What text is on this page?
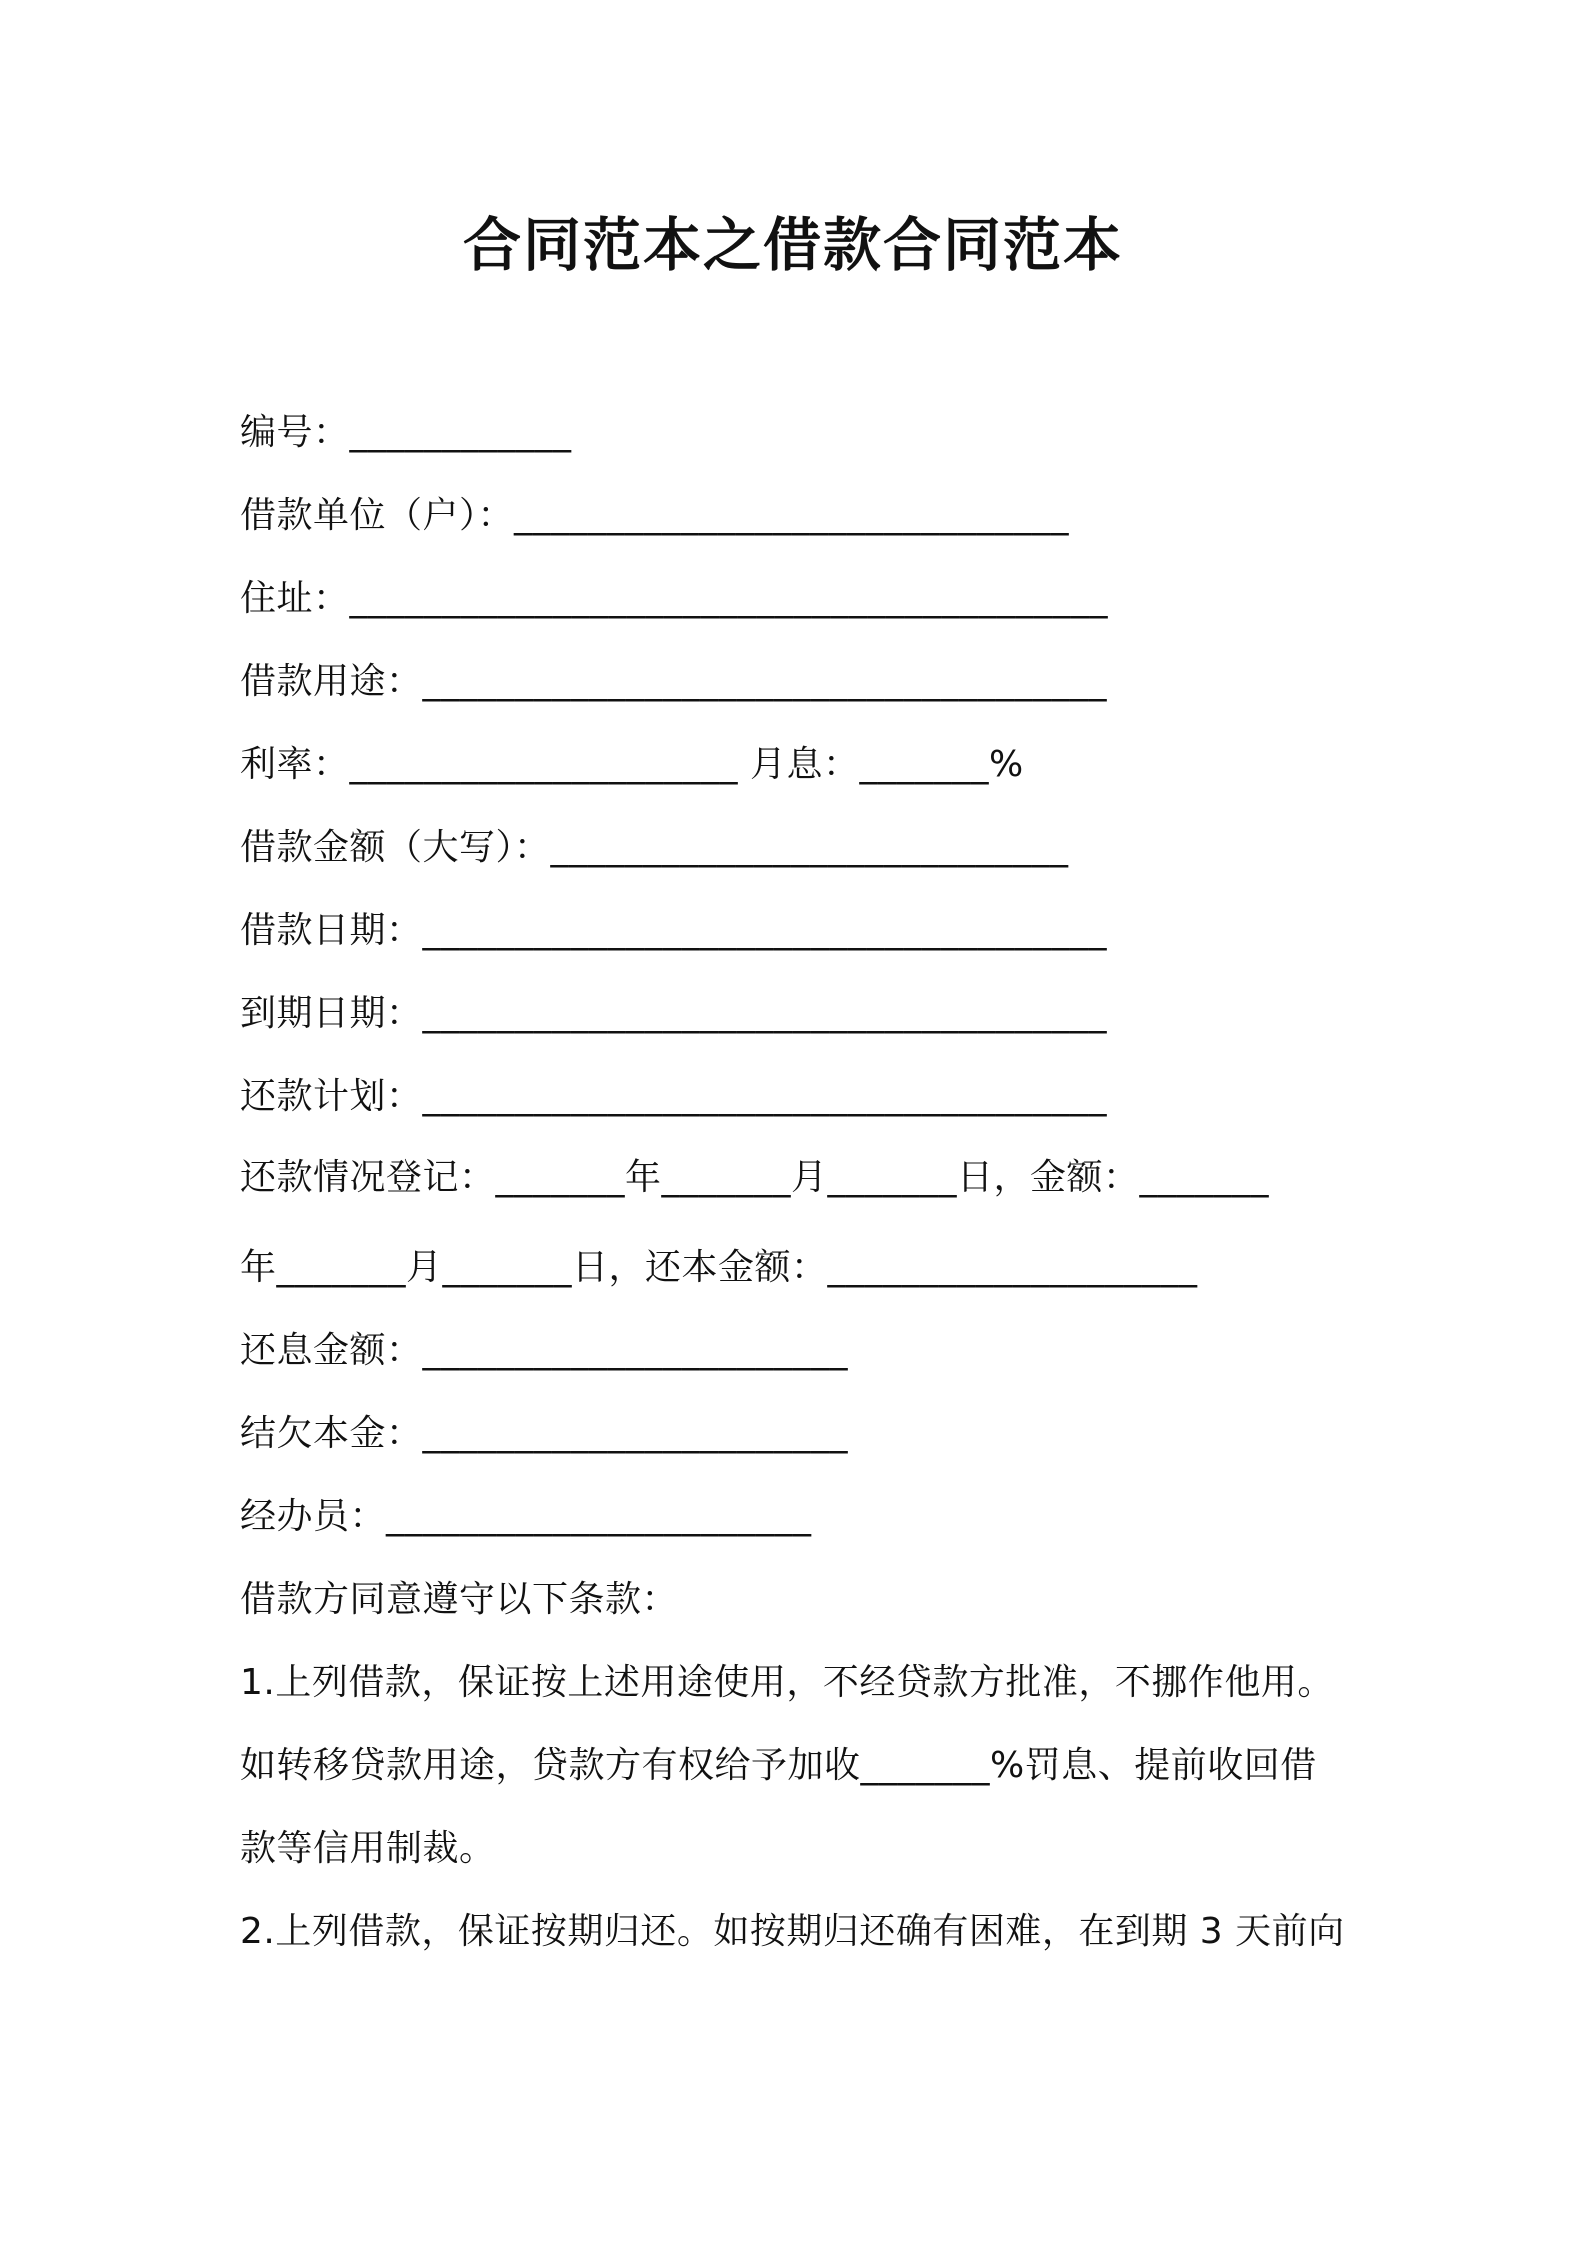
合同范本之借款合同范本
编号：____________
借款单位（户）：______________________________
住址：_________________________________________
借款用途：_____________________________________
利率：_____________________ 月息：_______%
借款金额（大写）：____________________________
借款日期：_____________________________________
到期日期：_____________________________________
还款计划：_____________________________________
还款情况登记：_______年_______月_______日，金额：_______
年_______月_______日，还本金额：____________________
还息金额：_______________________
结欠本金：_______________________
经办员：_______________________
借款方同意遵守以下条款：
1.上列借款，保证按上述用途使用，不经贷款方批准，不挪作他用。
如转移贷款用途，贷款方有权给予加收_______%罚息、提前收回借
款等信用制裁。
2.上列借款，保证按期归还。如按期归还确有困难，在到期 3 天前向
